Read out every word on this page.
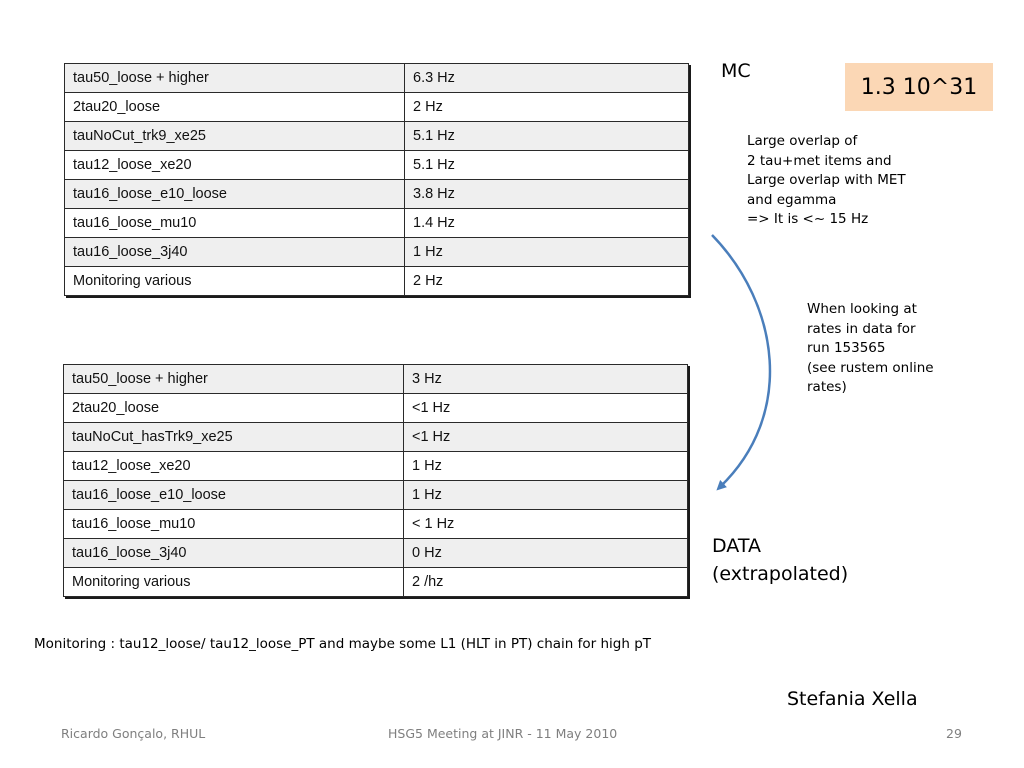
tau50_loose + higher	6.3 Hz
2tau20_loose	2 Hz
tauNoCut_trk9_xe25	5.1 Hz
tau12_loose_xe20	5.1 Hz
tau16_loose_e10_loose	3.8 Hz
tau16_loose_mu10	1.4 Hz
tau16_loose_3j40	1 Hz
Monitoring various	2 Hz
tau50_loose + higher	3 Hz
2tau20_loose	<1 Hz
tauNoCut_hasTrk9_xe25	<1 Hz
tau12_loose_xe20	1 Hz
tau16_loose_e10_loose	1 Hz
tau16_loose_mu10	< 1 Hz
tau16_loose_3j40	0 Hz
Monitoring various	2 /hz
MC
1.3 10^31
Large overlap of
2 tau+met items and
Large overlap with MET
and egamma
=> It is <~ 15 Hz
When looking at
rates in data for
run 153565
(see rustem online
rates)
DATA
(extrapolated)
Monitoring : tau12_loose/ tau12_loose_PT and maybe some L1 (HLT in PT) chain for high pT
Stefania Xella
Ricardo Gonçalo, RHUL	HSG5 Meeting at JINR - 11 May 2010	29
